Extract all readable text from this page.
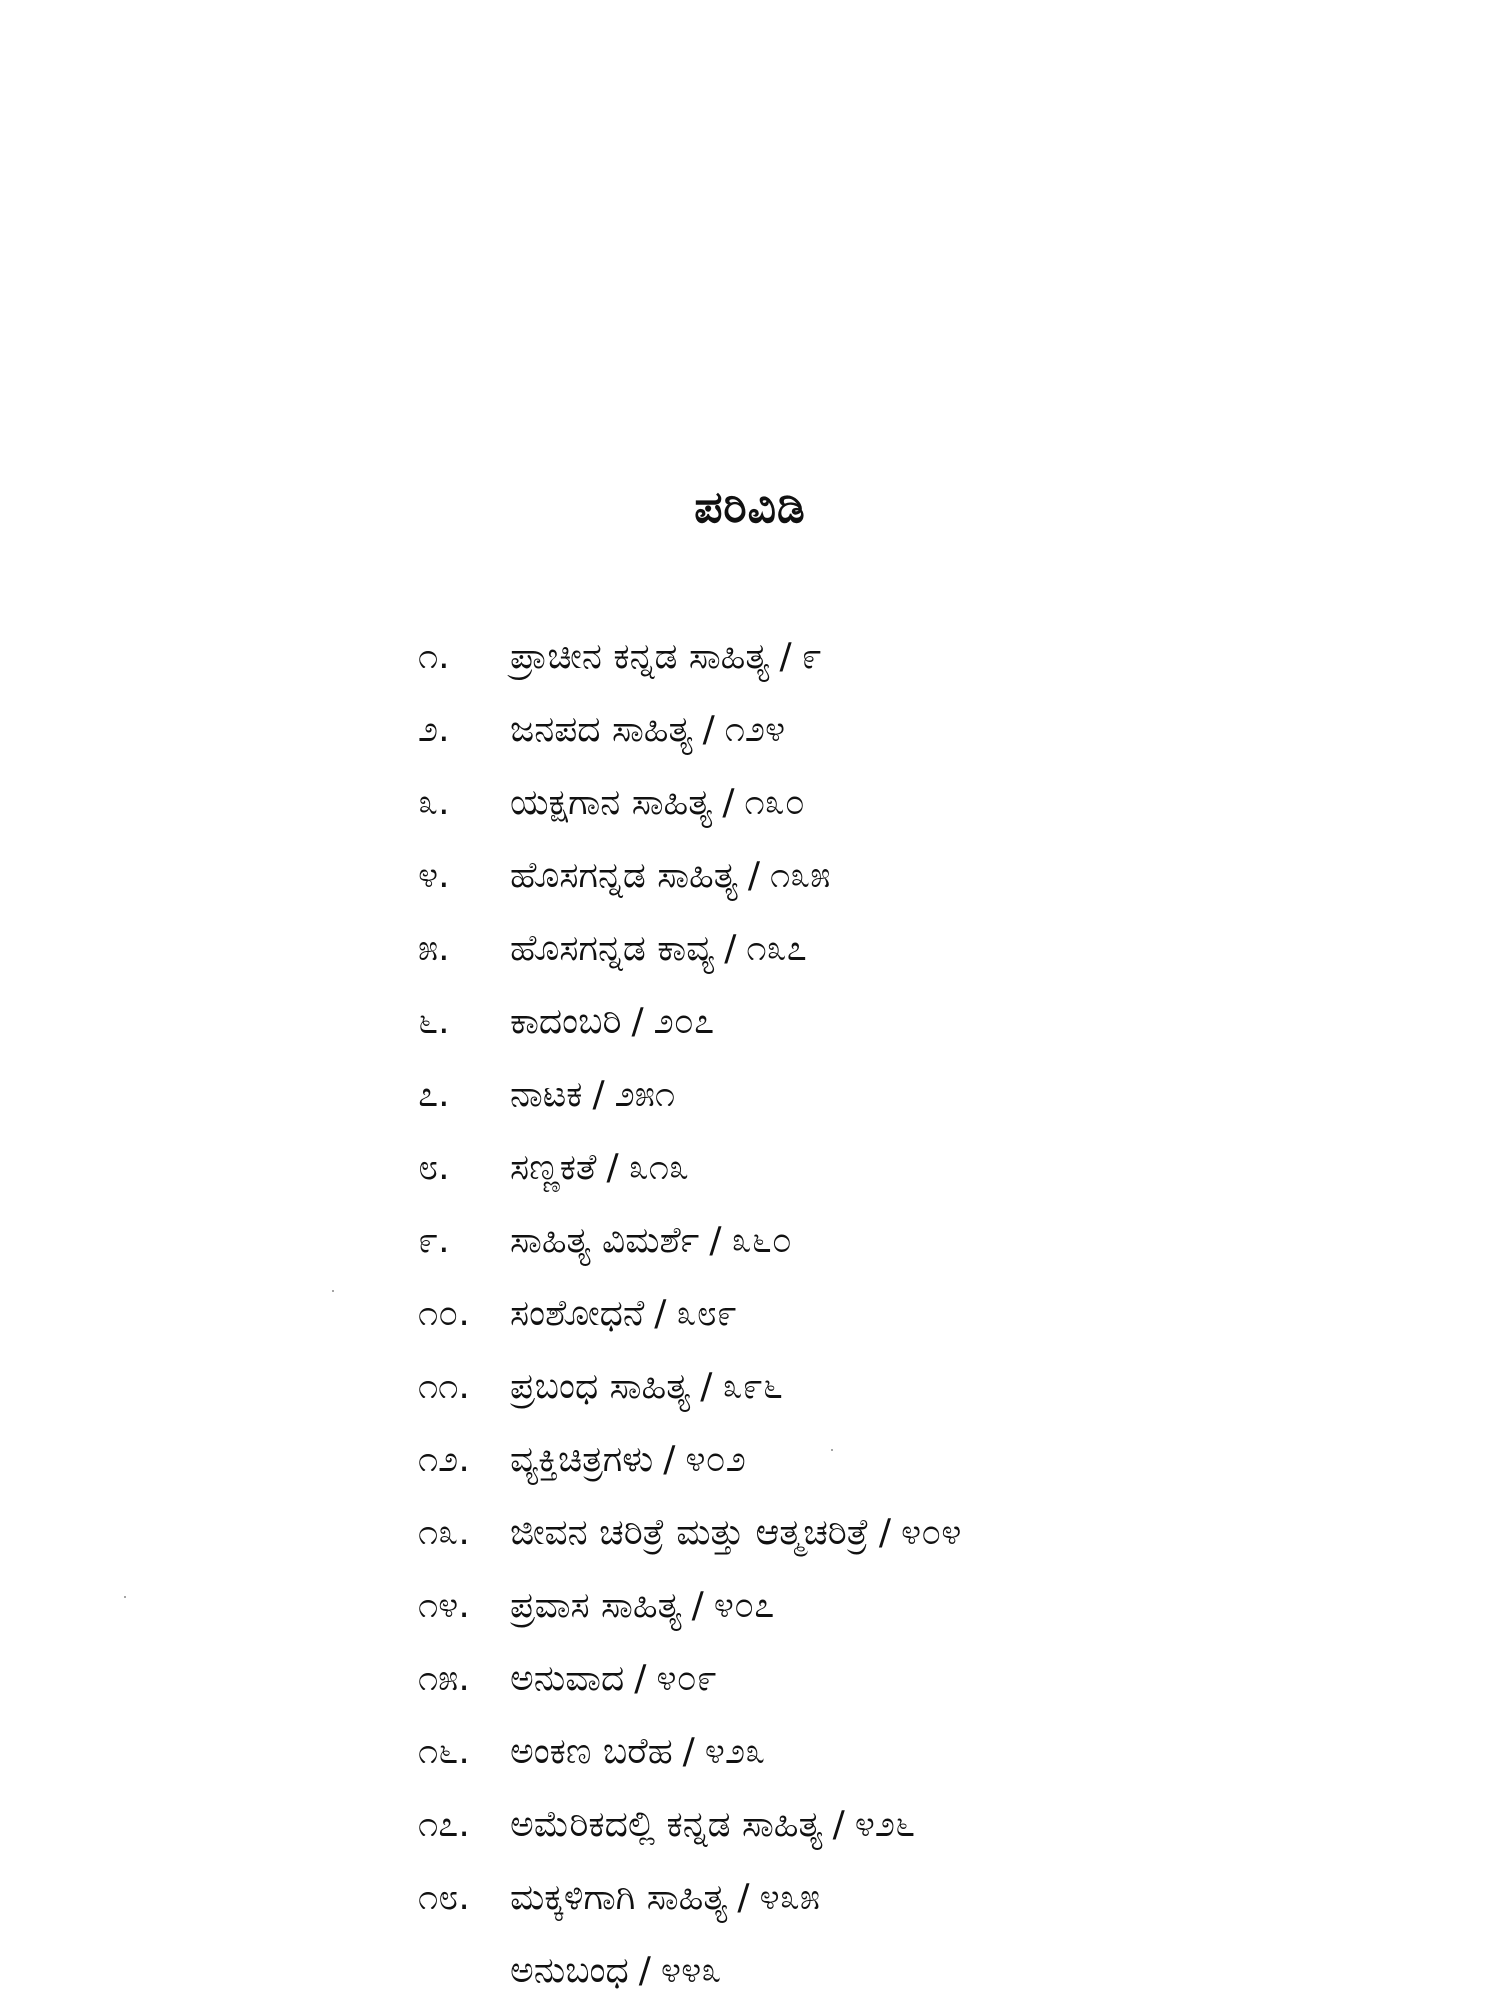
ಪರಿವಿಡಿ
೧.	ಪ್ರಾಚೀನ ಕನ್ನಡ ಸಾಹಿತ್ಯ / ೯
೨.	ಜನಪದ ಸಾಹಿತ್ಯ / ೧೨೪
೩.	ಯಕ್ಷಗಾನ ಸಾಹಿತ್ಯ / ೧೩೦
೪.	ಹೊಸಗನ್ನಡ ಸಾಹಿತ್ಯ / ೧೩೫
೫.	ಹೊಸಗನ್ನಡ ಕಾವ್ಯ / ೧೩೭
೬.	ಕಾದಂಬರಿ / ೨೦೭
೭.	ನಾಟಕ / ೨೫೧
೮.	ಸಣ್ಣಕತೆ / ೩೧೩
೯.	ಸಾಹಿತ್ಯ ವಿಮರ್ಶೆ / ೩೬೦
೧೦.	ಸಂಶೋಧನೆ / ೩೮೯
೧೧.	ಪ್ರಬಂಧ ಸಾಹಿತ್ಯ / ೩೯೬
೧೨.	ವ್ಯಕ್ತಿಚಿತ್ರಗಳು / ೪೦೨
೧೩.	ಜೀವನ ಚರಿತ್ರೆ ಮತ್ತು ಆತ್ಮಚರಿತ್ರೆ / ೪೦೪
೧೪.	ಪ್ರವಾಸ ಸಾಹಿತ್ಯ / ೪೦೭
೧೫.	ಅನುವಾದ / ೪೦೯
೧೬.	ಅಂಕಣ ಬರೆಹ / ೪೨೩
೧೭.	ಅಮೆರಿಕದಲ್ಲಿ ಕನ್ನಡ ಸಾಹಿತ್ಯ / ೪೨೬
೧೮.	ಮಕ್ಕಳಿಗಾಗಿ ಸಾಹಿತ್ಯ / ೪೩೫
ಅನುಬಂಧ / ೪೪೩
